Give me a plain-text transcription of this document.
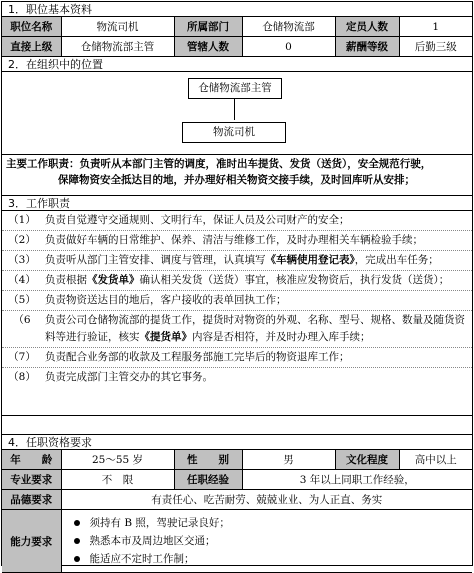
1．职位基本资料
职位名称	物流司机	所属部门	仓储物流部	定员人数	1
直接上级	仓储物流部主管	管辖人数	0	薪酬等级	后勤三级
2．在组织中的位置
仓储物流部主管
物流司机
主要工作职责：负责听从本部门主管的调度，准时出车提货、发货（送货），安全规范行驶，
保障物资安全抵达目的地，并办理好相关物资交接手续，及时回库听从安排；
3．工作职责
（1） 负责自觉遵守交通规则、文明行车，保证人员及公司财产的安全；
（2） 负责做好车辆的日常维护、保养、清洁与维修工作，及时办理相关车辆检验手续；
（3） 负责听从部门主管安排、调度与管理，认真填写《车辆使用登记表》，完成出车任务；
（4） 负责根据《发货单》确认相关发货（送货）事宜，核准应发物资后，执行发货（送货）；
（5） 负责物资送达目的地后，客户接收的表单回执工作；
（6	负责公司仓储物流部的提货工作，提货时对物资的外观、名称、型号、规格、数量及随货资料等进行验证，核实《提货单》内容是否相符，并及时办理入库手续；
（7） 负责配合业务部的收款及工程服务部施工完毕后的物资退库工作；
（8） 负责完成部门主管交办的其它事务。
4．任职资格要求
年　　龄	25～55 岁	性　　别	男	文化程度	高中以上
专业要求	不　限	任职经验	3 年以上同职工作经验，		
品德要求	有责任心、吃苦耐劳、兢兢业业、为人正直、务实				
能力要求	须持有 B 照，驾驶记录良好；
熟悉本市及周边地区交通；
能适应不定时工作制；				
